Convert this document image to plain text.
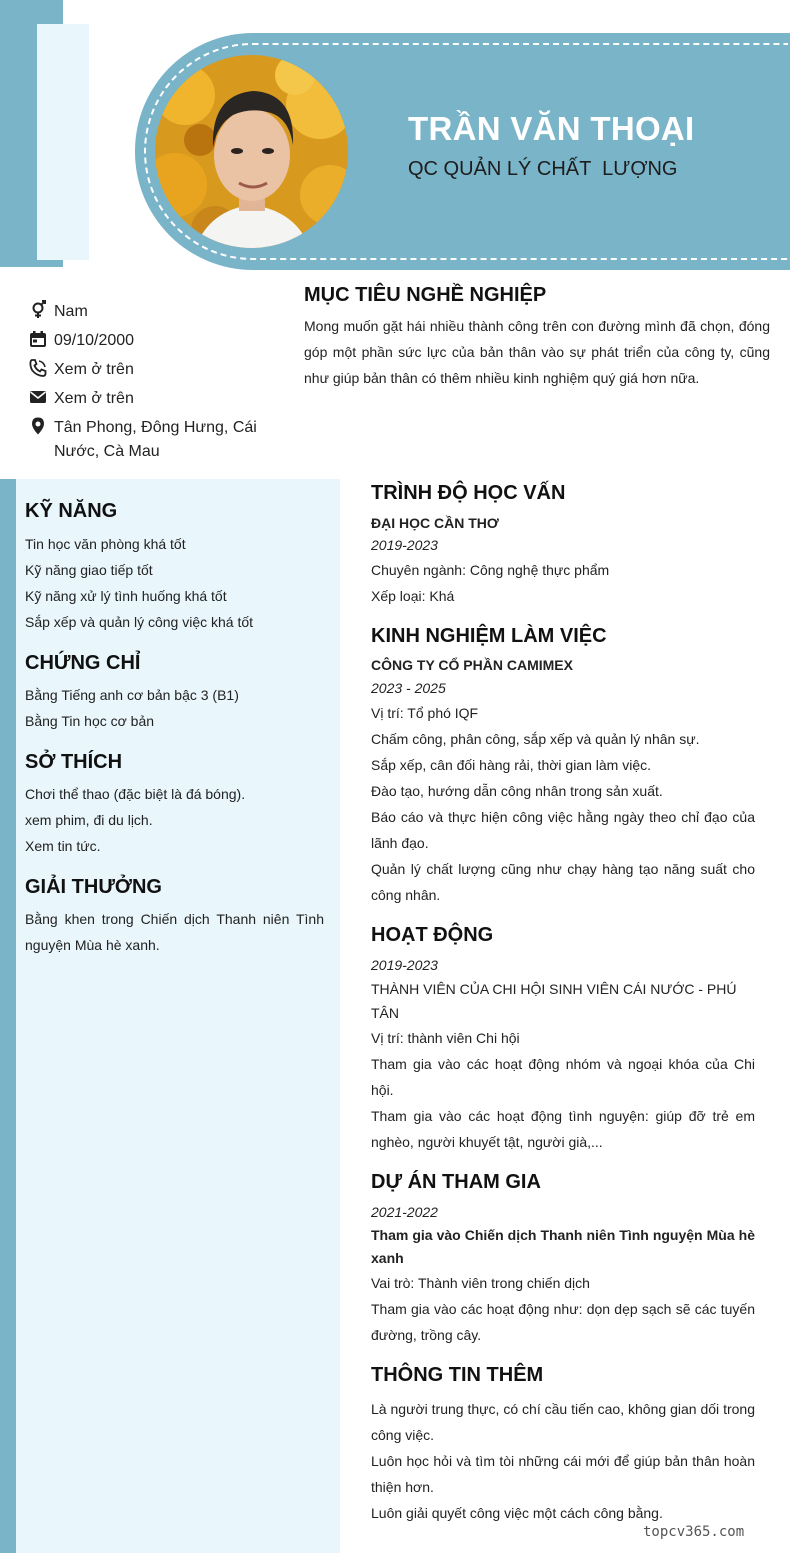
TRẦN VĂN THOẠI
QC QUẢN LÝ CHẤT  LƯỢNG
Nam
09/10/2000
Xem ở trên
Xem ở trên
Tân Phong, Đông Hưng, Cái
Nước, Cà Mau
MỤC TIÊU NGHỀ NGHIỆP
Mong muốn gặt hái nhiều thành công trên con đường mình đã chọn, đóng góp một phần sức lực của bản thân vào sự phát triển của công ty, cũng như giúp bản thân có thêm nhiều kinh nghiệm quý giá hơn nữa.
KỸ NĂNG
Tin học văn phòng khá tốt
Kỹ năng giao tiếp tốt
Kỹ năng xử lý tình huống khá tốt
Sắp xếp và quản lý công việc khá tốt
CHỨNG CHỈ
Bằng Tiếng anh cơ bản bậc 3 (B1)
Bằng Tin học cơ bản
SỞ THÍCH
Chơi thể thao (đặc biệt là đá bóng).
xem phim, đi du lịch.
Xem tin tức.
GIẢI THƯỞNG
Bằng khen trong Chiến dịch Thanh niên Tình nguyện Mùa hè xanh.
TRÌNH ĐỘ HỌC VẤN
ĐẠI HỌC CẦN THƠ
2019-2023
Chuyên ngành: Công nghệ thực phẩm
Xếp loại: Khá
KINH NGHIỆM LÀM VIỆC
CÔNG TY CỔ PHẦN CAMIMEX
2023 - 2025
Vị trí: Tổ phó IQF
Chấm công, phân công, sắp xếp và quản lý nhân sự.
Sắp xếp, cân đối hàng rải, thời gian làm việc.
Đào tạo, hướng dẫn công nhân trong sản xuất.
Báo cáo và thực hiện công việc hằng ngày theo chỉ đạo của lãnh đạo.
Quản lý chất lượng cũng như chạy hàng tạo năng suất cho công nhân.
HOẠT ĐỘNG
2019-2023
THÀNH VIÊN CỦA CHI HỘI SINH VIÊN CÁI NƯỚC - PHÚ TÂN
Vị trí: thành viên Chi hội
Tham gia vào các hoạt động nhóm và ngoại khóa của Chi hội.
Tham gia vào các hoạt động tình nguyện: giúp đỡ trẻ em nghèo, người khuyết tật, người già,...
DỰ ÁN THAM GIA
2021-2022
Tham gia vào Chiến dịch Thanh niên Tình nguyện Mùa hè xanh
Vai trò: Thành viên trong chiến dịch
Tham gia vào các hoạt động như: dọn dẹp sạch sẽ các tuyến đường, trồng cây.
THÔNG TIN THÊM
Là người trung thực, có chí cầu tiến cao, không gian dối trong công việc.
Luôn học hỏi và tìm tòi những cái mới để giúp bản thân hoàn thiện hơn.
Luôn giải quyết công việc một cách công bằng.
topcv365.com
